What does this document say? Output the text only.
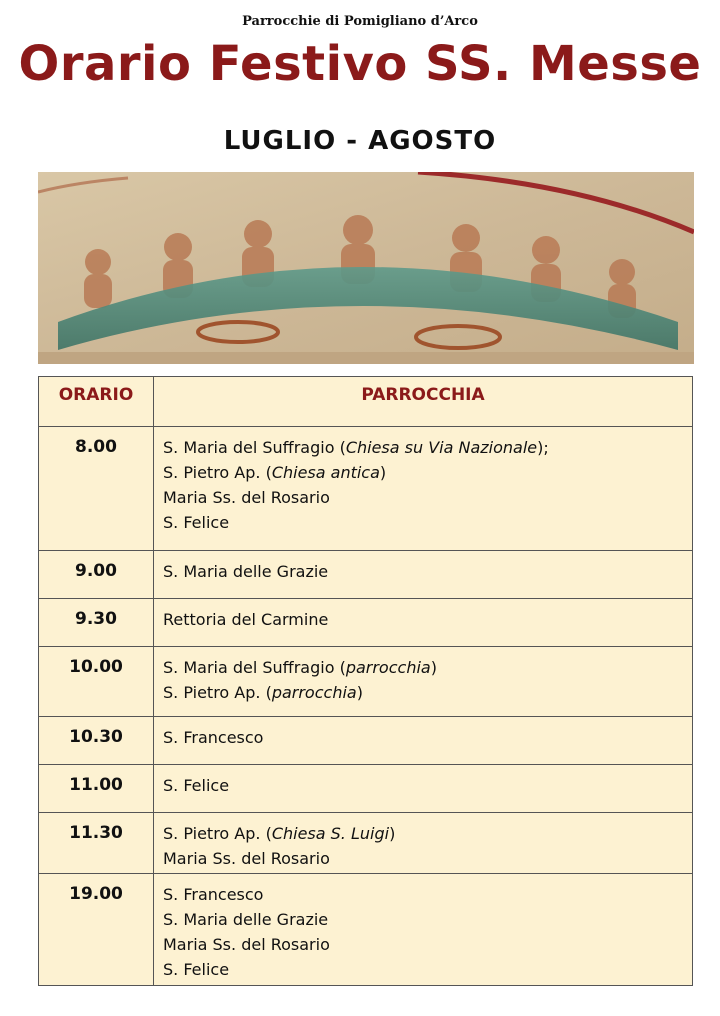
Parrocchie di Pomigliano d’Arco
Orario Festivo SS. Messe
LUGLIO - AGOSTO
ORARIO	PARROCCHIA
8.00	S. Maria del Suffragio (Chiesa su Via Nazionale);
S. Pietro Ap. (Chiesa antica)
Maria Ss. del Rosario
S. Felice
9.00	S. Maria delle Grazie
9.30	Rettoria del Carmine
10.00	S. Maria del Suffragio (parrocchia)
S. Pietro Ap. (parrocchia)
10.30	S. Francesco
11.00	S. Felice
11.30	S. Pietro Ap. (Chiesa S. Luigi)
Maria Ss. del Rosario
19.00	S. Francesco
S. Maria delle Grazie
Maria Ss. del Rosario
S. Felice
